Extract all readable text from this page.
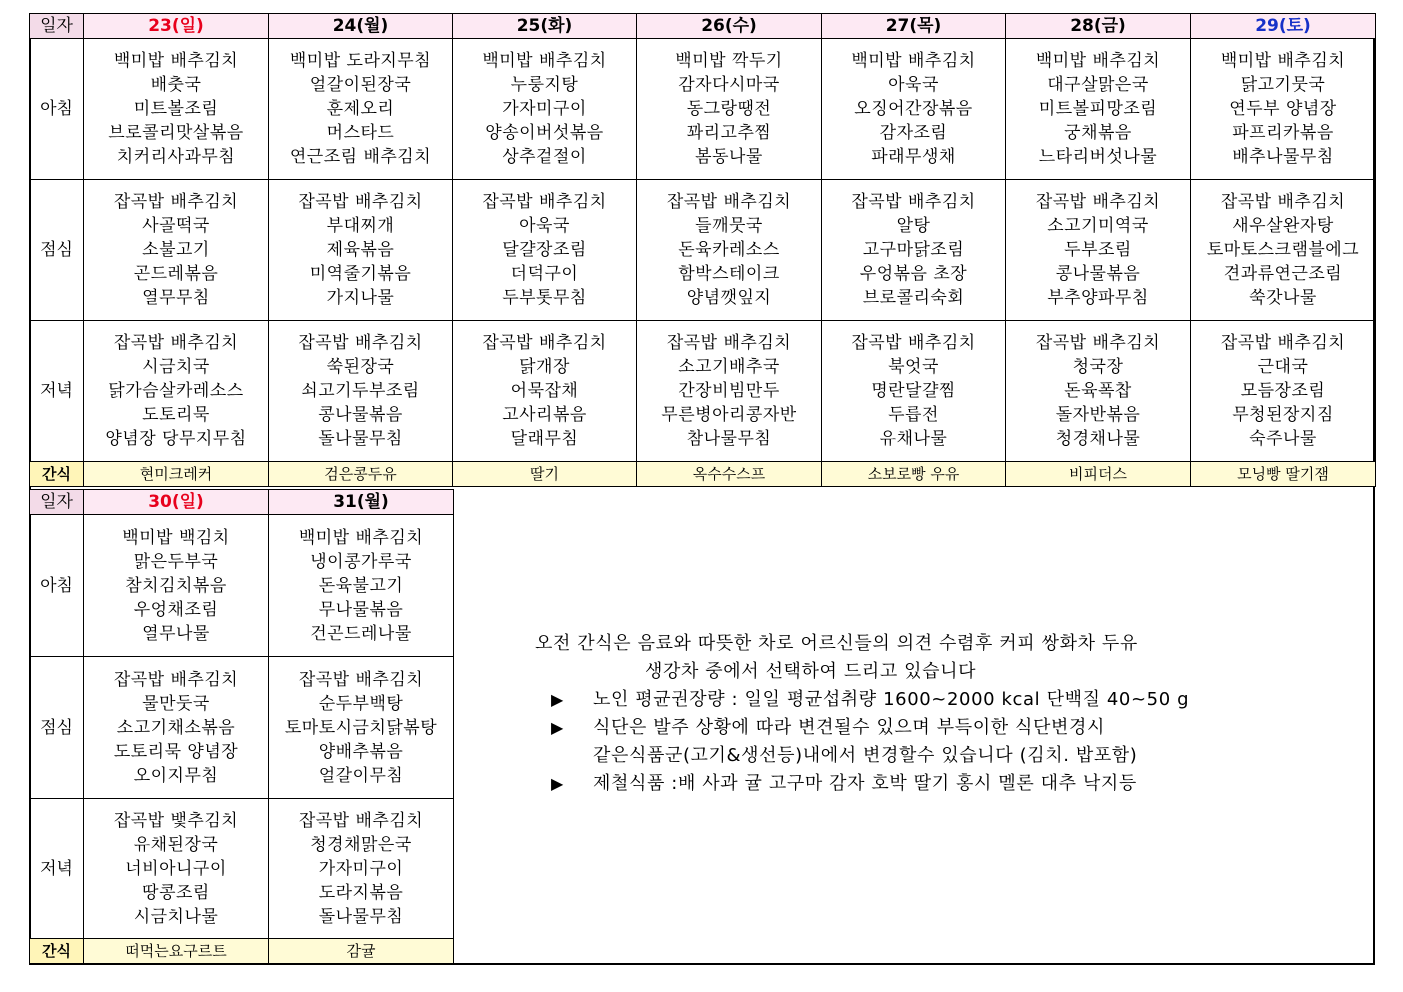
일자	23(일)	24(월)	25(화)	26(수)	27(목)	28(금)	29(토)
아침	백미밥 배추김치
배춧국
미트볼조림
브로콜리맛살볶음
치커리사과무침	백미밥 도라지무침
얼갈이된장국
훈제오리
머스타드
연근조림 배추김치	백미밥 배추김치
누룽지탕
가자미구이
양송이버섯볶음
상추겉절이	백미밥 깍두기
감자다시마국
동그랑땡전
꽈리고추찜
봄동나물	백미밥 배추김치
아욱국
오징어간장볶음
감자조림
파래무생채	백미밥 배추김치
대구살맑은국
미트볼피망조림
궁채볶음
느타리버섯나물	백미밥 배추김치
닭고기뭇국
연두부 양념장
파프리카볶음
배추나물무침

점심	잡곡밥 배추김치
사골떡국
소불고기
곤드레볶음
열무무침	잡곡밥 배추김치
부대찌개
제육볶음
미역줄기볶음
가지나물	잡곡밥 배추김치
아욱국
달걀장조림
더덕구이
두부톳무침	잡곡밥 배추김치
들깨뭇국
돈육카레소스
함박스테이크
양념깻잎지	잡곡밥 배추김치
알탕
고구마닭조림
우엉볶음 초장
브로콜리숙회	잡곡밥 배추김치
소고기미역국
두부조림
콩나물볶음
부추양파무침	잡곡밥 배추김치
새우살완자탕
토마토스크램블에그
견과류연근조림
쑥갓나물

저녁	잡곡밥 배추김치
시금치국
닭가슴살카레소스
도토리묵
양념장 당무지무침	잡곡밥 배추김치
쑥된장국
쇠고기두부조림
콩나물볶음
돌나물무침	잡곡밥 배추김치
닭개장
어묵잡채
고사리볶음
달래무침	잡곡밥 배추김치
소고기배추국
간장비빔만두
무른병아리콩자반
참나물무침	잡곡밥 배추김치
북엇국
명란달걀찜
두릅전
유채나물	잡곡밥 배추김치
청국장
돈육폭찹
돌자반볶음
청경채나물	잡곡밥 배추김치
근대국
모듬장조림
무청된장지짐
숙주나물

간식	현미크레커	검은콩두유	딸기	옥수수스프	소보로빵 우유	비피더스	모닝빵 딸기잼
일자	30(일)	31(월)
아침	백미밥 백김치
맑은두부국
참치김치볶음
우엉채조림
열무나물	백미밥 배추김치
냉이콩가루국
돈육불고기
무나물볶음
건곤드레나물

점심	잡곡밥 배추김치
물만둣국
소고기채소볶음
도토리묵 양념장
오이지무침	잡곡밥 배추김치
순두부백탕
토마토시금치닭볶탕
양배추볶음
얼갈이무침

저녁	잡곡밥 뱇추김치
유채된장국
너비아니구이
땅콩조림
시금치나물	잡곡밥 배추김치
청경채맑은국
가자미구이
도라지볶음
돌나물무침

간식	떠먹는요구르트	감귤
오전 간식은 음료와 따뜻한 차로 어르신들의 의견 수렴후 커피 쌍화차 두유
생강차 중에서 선택하여 드리고 있습니다
▶ 노인 평균권장량 : 일일 평균섭취량 1600~2000 kcal 단백질 40~50 g
▶ 식단은 발주 상황에 따라 변견될수 있으며 부득이한 식단변경시
같은식품군(고기&생선등)내에서 변경할수 있습니다 (김치. 밥포함)
▶ 제철식품 :배 사과 귤 고구마 감자 호박 딸기 홍시 멜론 대추 낙지등
